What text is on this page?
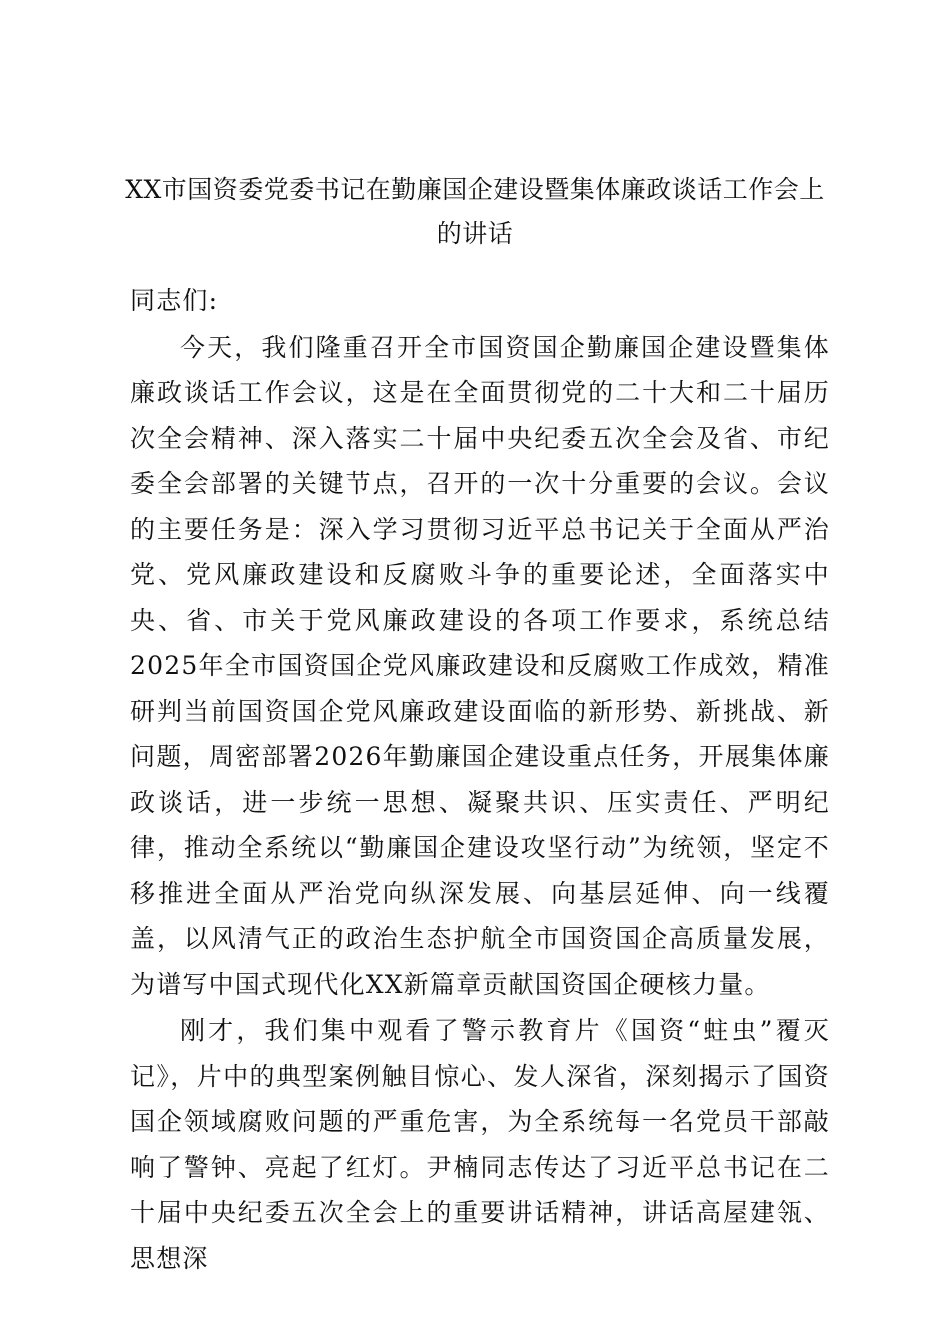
XX市国资委党委书记在勤廉国企建设暨集体廉政谈话工作会上的讲话

同志们:

今天，我们隆重召开全市国资国企勤廉国企建设暨集体廉政谈话工作会议，这是在全面贯彻党的二十大和二十届历次全会精神、深入落实二十届中央纪委五次全会及省、市纪委全会部署的关键节点，召开的一次十分重要的会议。会议的主要任务是：深入学习贯彻习近平总书记关于全面从严治党、党风廉政建设和反腐败斗争的重要论述，全面落实中央、省、市关于党风廉政建设的各项工作要求，系统总结2025年全市国资国企党风廉政建设和反腐败工作成效，精准研判当前国资国企党风廉政建设面临的新形势、新挑战、新问题，周密部署2026年勤廉国企建设重点任务，开展集体廉政谈话，进一步统一思想、凝聚共识、压实责任、严明纪律，推动全系统以“勤廉国企建设攻坚行动”为统领，坚定不移推进全面从严治党向纵深发展、向基层延伸、向一线覆盖，以风清气正的政治生态护航全市国资国企高质量发展，为谱写中国式现代化XX新篇章贡献国资国企硬核力量。

刚才，我们集中观看了警示教育片《国资“蛀虫”覆灭记》，片中的典型案例触目惊心、发人深省，深刻揭示了国资国企领域腐败问题的严重危害，为全系统每一名党员干部敲响了警钟、亮起了红灯。尹楠同志传达了习近平总书记在二十届中央纪委五次全会上的重要讲话精神，讲话高屋建瓴、思想深
